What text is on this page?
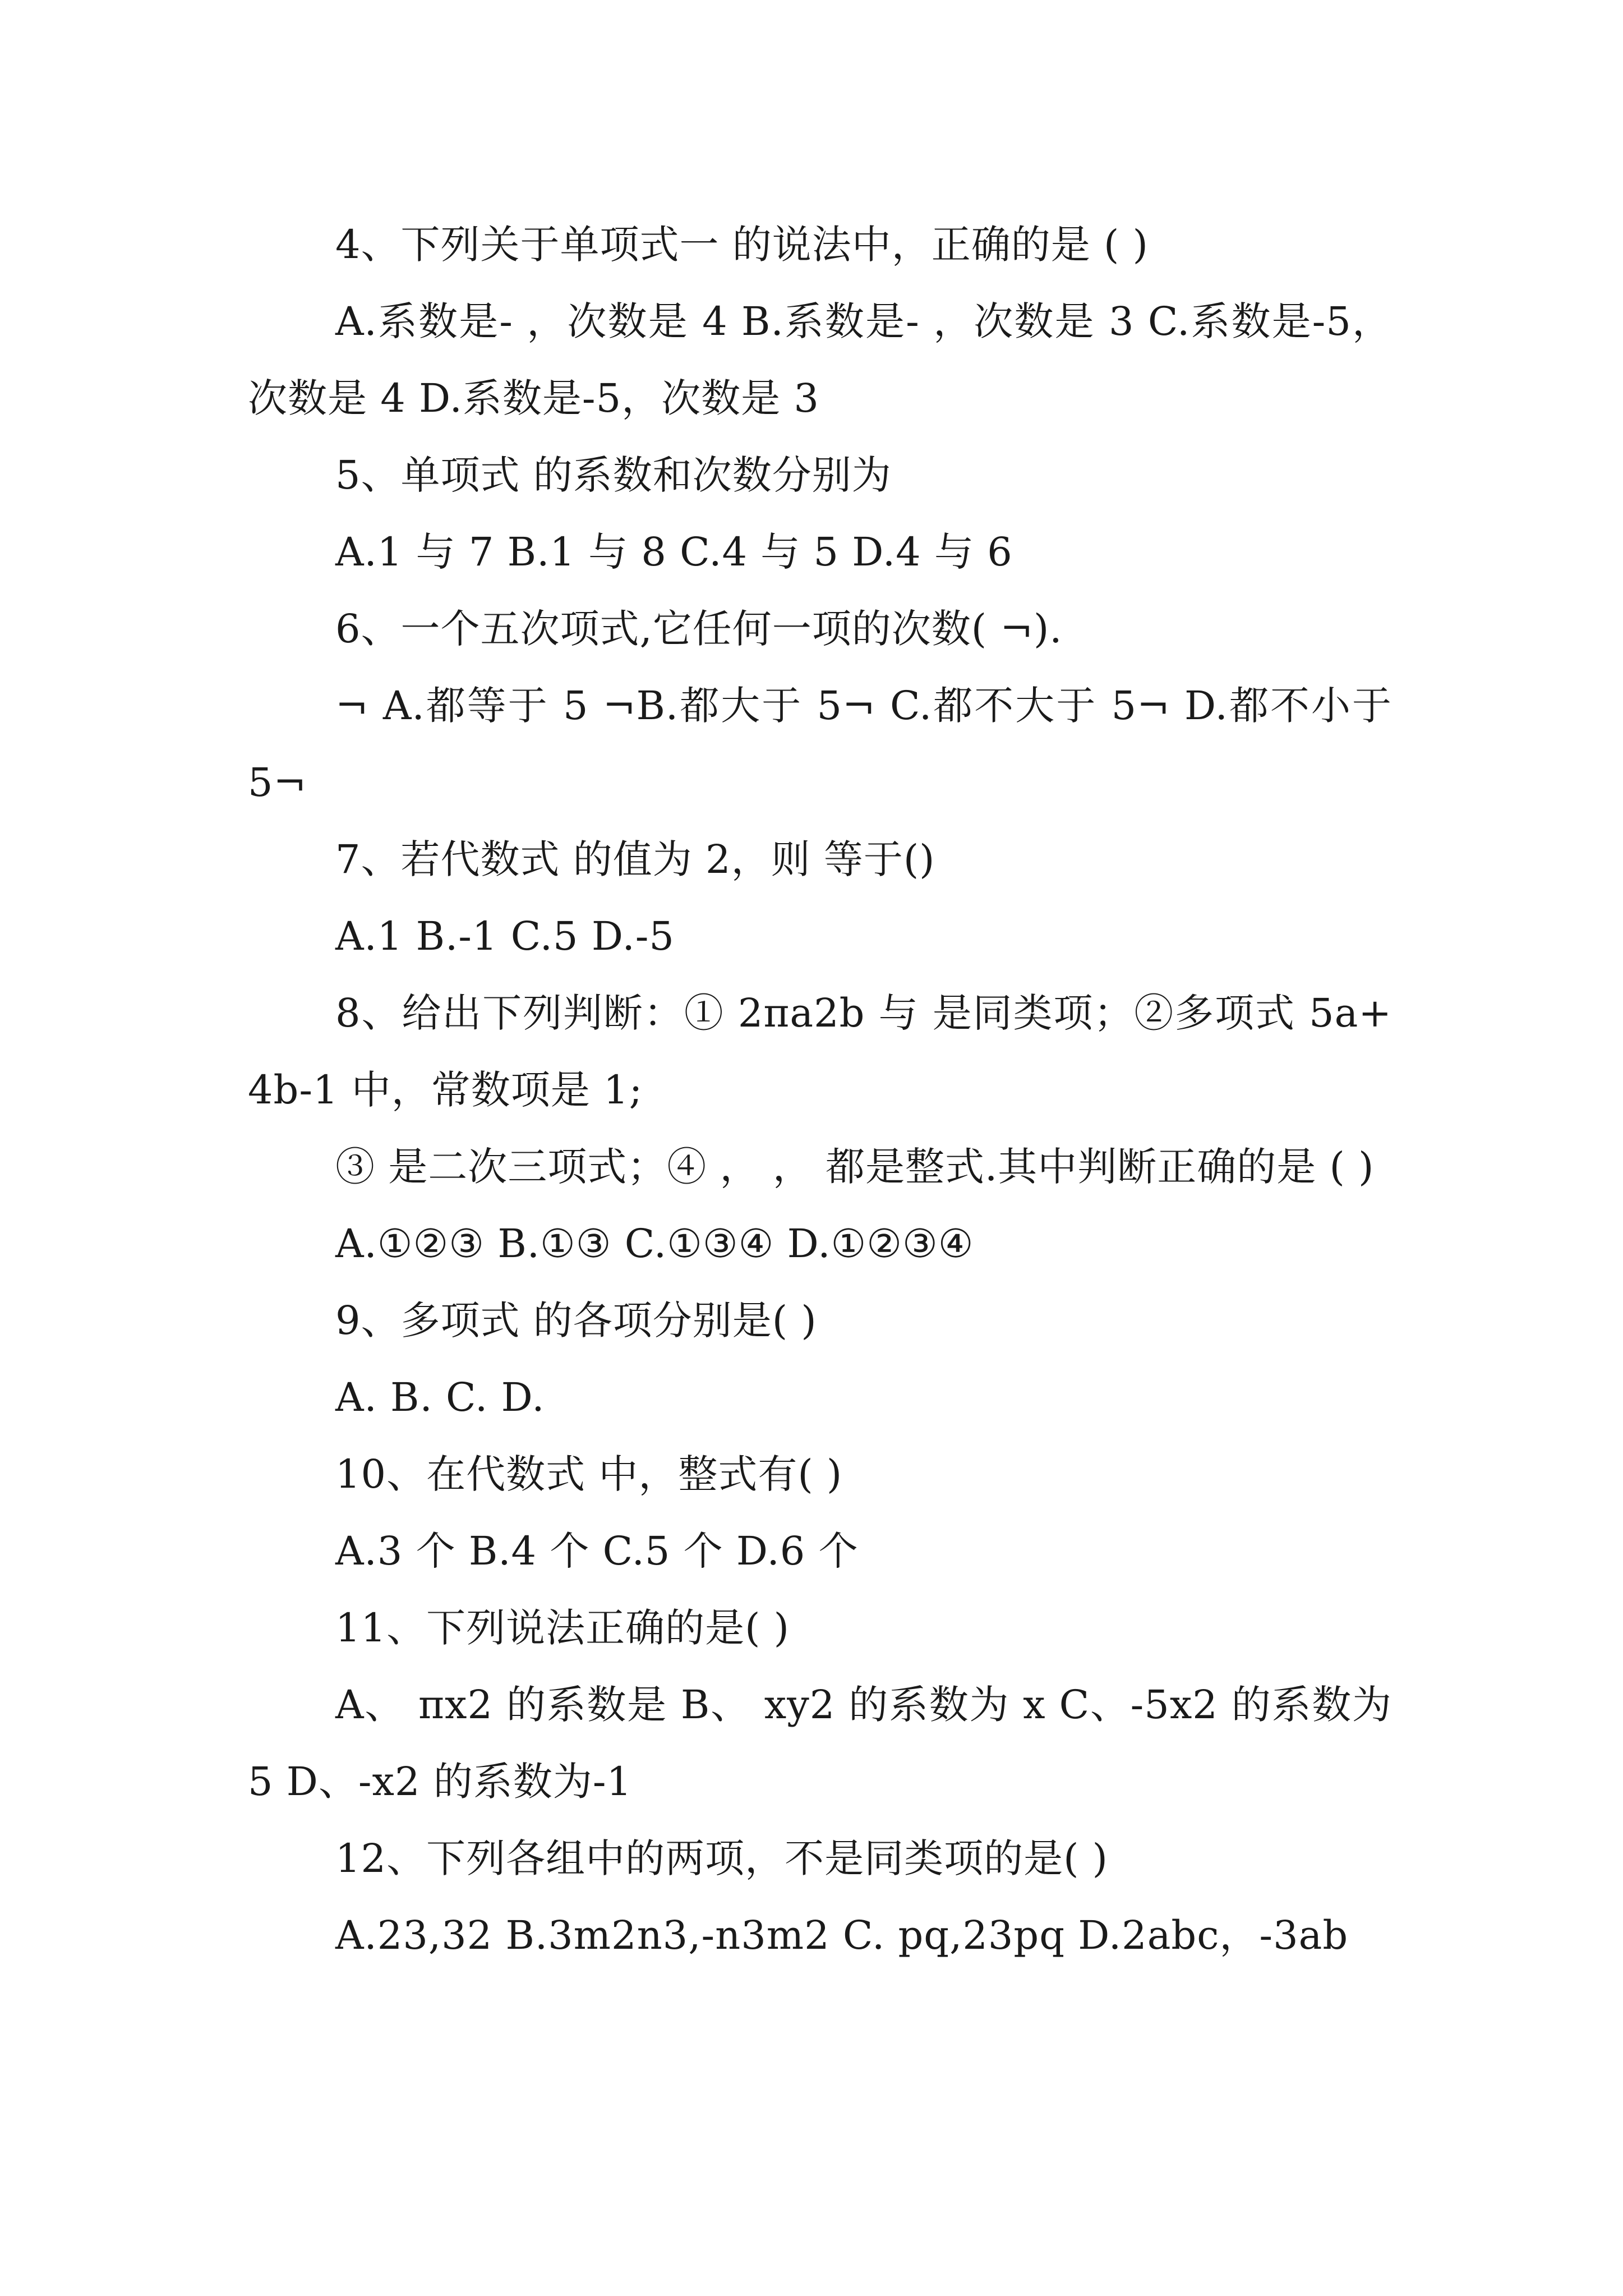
4、下列关于单项式一 的说法中，正确的是 ( )

A.系数是- ，次数是 4 B.系数是- ，次数是 3 C.系数是-5，次数是 4 D.系数是-5，次数是 3

5、单项式 的系数和次数分别为

A.1 与 7 B.1 与 8 C.4 与 5 D.4 与 6

6、一个五次项式,它任何一项的次数( ¬).

¬ A.都等于 5 ¬B.都大于 5¬ C.都不大于 5¬ D.都不小于 5¬

7、若代数式 的值为 2，则 等于()

A.1 B.-1 C.5 D.-5

8、给出下列判断：① 2πa2b 与 是同类项；②多项式 5a+4b-1 中，常数项是 1;

③ 是二次三项式；④ ， ， 都是整式.其中判断正确的是 ( )

A.①②③ B.①③ C.①③④ D.①②③④

9、多项式 的各项分别是( )

A. B. C. D.

10、在代数式 中，整式有( )

A.3 个 B.4 个 C.5 个 D.6 个

11、下列说法正确的是( )

A、 πx2 的系数是 B、 xy2 的系数为 x C、-5x2 的系数为 5 D、-x2 的系数为-1

12、下列各组中的两项，不是同类项的是( )

A.23,32 B.3m2n3,-n3m2 C. pq,23pq D.2abc，-3ab
